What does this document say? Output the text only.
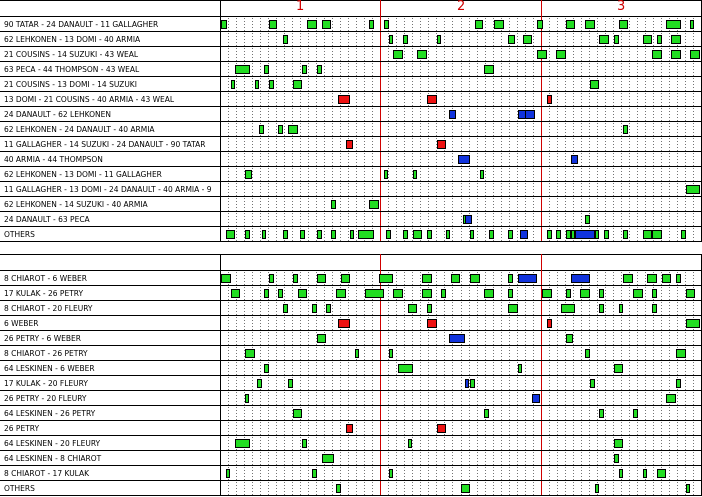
1	2	3
90 TATAR - 24 DANAULT - 11 GALLAGHER
62 LEHKONEN - 13 DOMI - 40 ARMIA
21 COUSINS - 14 SUZUKI - 43 WEAL
63 PECA - 44 THOMPSON - 43 WEAL
21 COUSINS - 13 DOMI - 14 SUZUKI
13 DOMI - 21 COUSINS - 40 ARMIA - 43 WEAL
24 DANAULT - 62 LEHKONEN
62 LEHKONEN - 24 DANAULT - 40 ARMIA
11 GALLAGHER - 14 SUZUKI - 24 DANAULT - 90 TATAR
40 ARMIA - 44 THOMPSON
62 LEHKONEN - 13 DOMI - 11 GALLAGHER
11 GALLAGHER - 13 DOMI - 24 DANAULT - 40 ARMIA - 9
62 LEHKONEN - 14 SUZUKI - 40 ARMIA
24 DANAULT - 63 PECA
OTHERS
8 CHIAROT - 6 WEBER
17 KULAK - 26 PETRY
8 CHIAROT - 20 FLEURY
6 WEBER
26 PETRY - 6 WEBER
8 CHIAROT - 26 PETRY
64 LESKINEN - 6 WEBER
17 KULAK - 20 FLEURY
26 PETRY - 20 FLEURY
64 LESKINEN - 26 PETRY
26 PETRY
64 LESKINEN - 20 FLEURY
64 LESKINEN - 8 CHIAROT
8 CHIAROT - 17 KULAK
OTHERS
